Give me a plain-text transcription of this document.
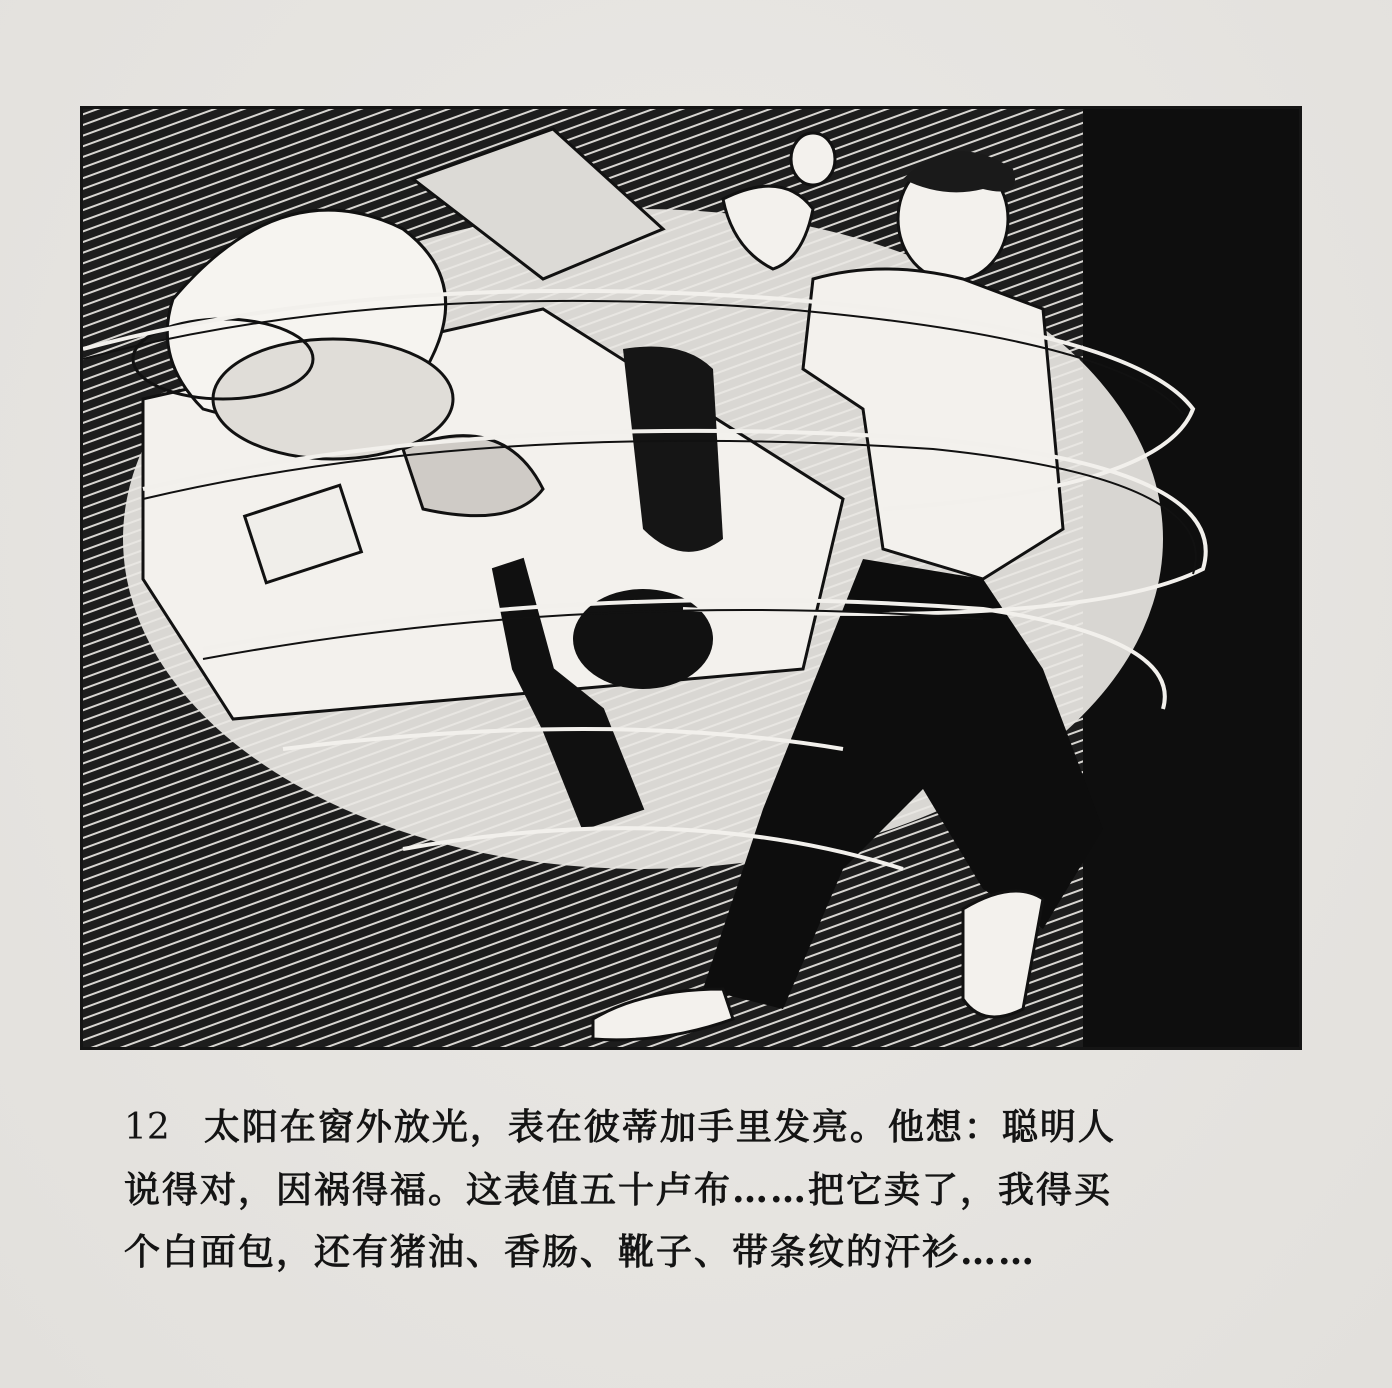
12 太阳在窗外放光，表在彼蒂加手里发亮。他想：聪明人
说得对，因祸得福。这表值五十卢布……把它卖了，我得买
个白面包，还有猪油、香肠、靴子、带条纹的汗衫……
